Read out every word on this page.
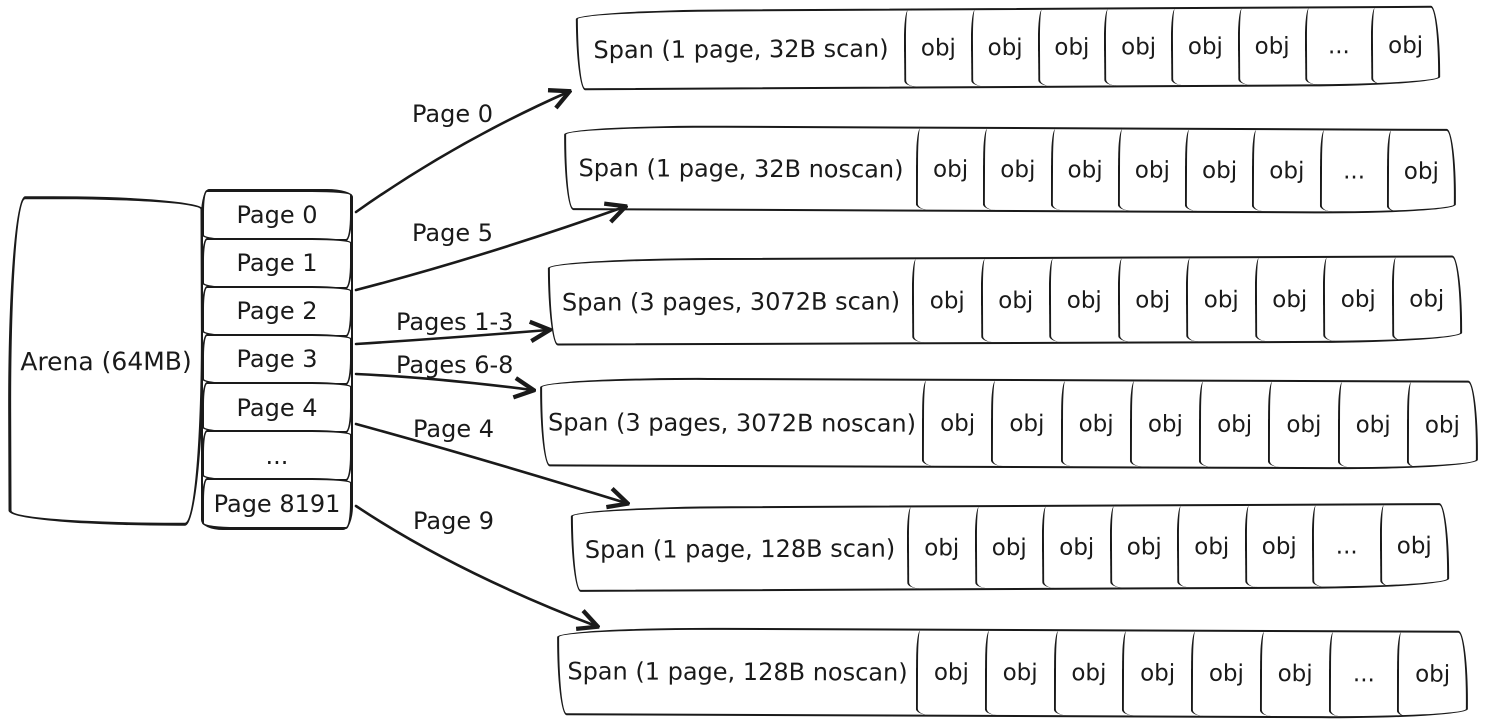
Arena (64MB)
Page 0
Page 1
Page 2
Page 3
Page 4
...
Page 8191
Span (1 page, 32B scan)	obj	obj	obj	obj	obj	obj	...	obj
Span (1 page, 32B noscan)	obj	obj	obj	obj	obj	obj	...	obj
Span (3 pages, 3072B scan)	obj	obj	obj	obj	obj	obj	obj	obj
Span (3 pages, 3072B noscan)	obj	obj	obj	obj	obj	obj	obj	obj
Span (1 page, 128B scan)	obj	obj	obj	obj	obj	obj	...	obj
Span (1 page, 128B noscan)	obj	obj	obj	obj	obj	obj	...	obj
Page 0
Page 5
Pages 1-3
Pages 6-8
Page 4
Page 9
